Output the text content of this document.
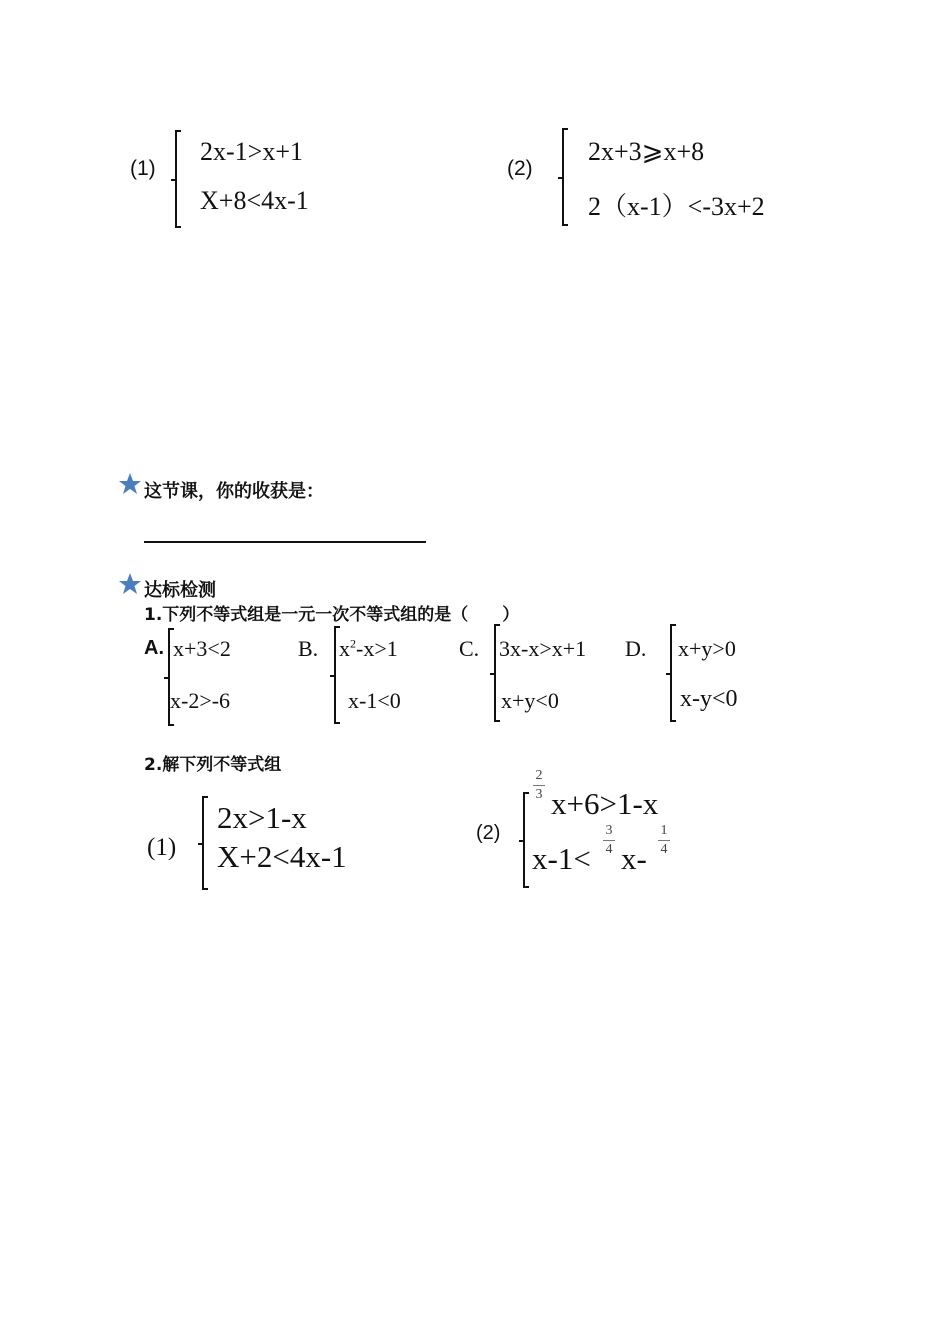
(1)
2x-1>x+1
X+8<4x-1
(2)
2x+3⩾x+8
2（x-1）<-3x+2
这节课，你的收获是：
达标检测
1.下列不等式组是一元一次不等式组的是（　　）
A. x+3<2
x-2>-6
B. $x^2-x>1$
x-1<0
C. 3x-x>x+1
x+y<0
D. x+y>0
x-y<0
2.解下列不等式组
(1)
2x>1-x
X+2<4x-1
(2)
2
3 x+6>1-x
x-1<
3
4 x-
1
4
